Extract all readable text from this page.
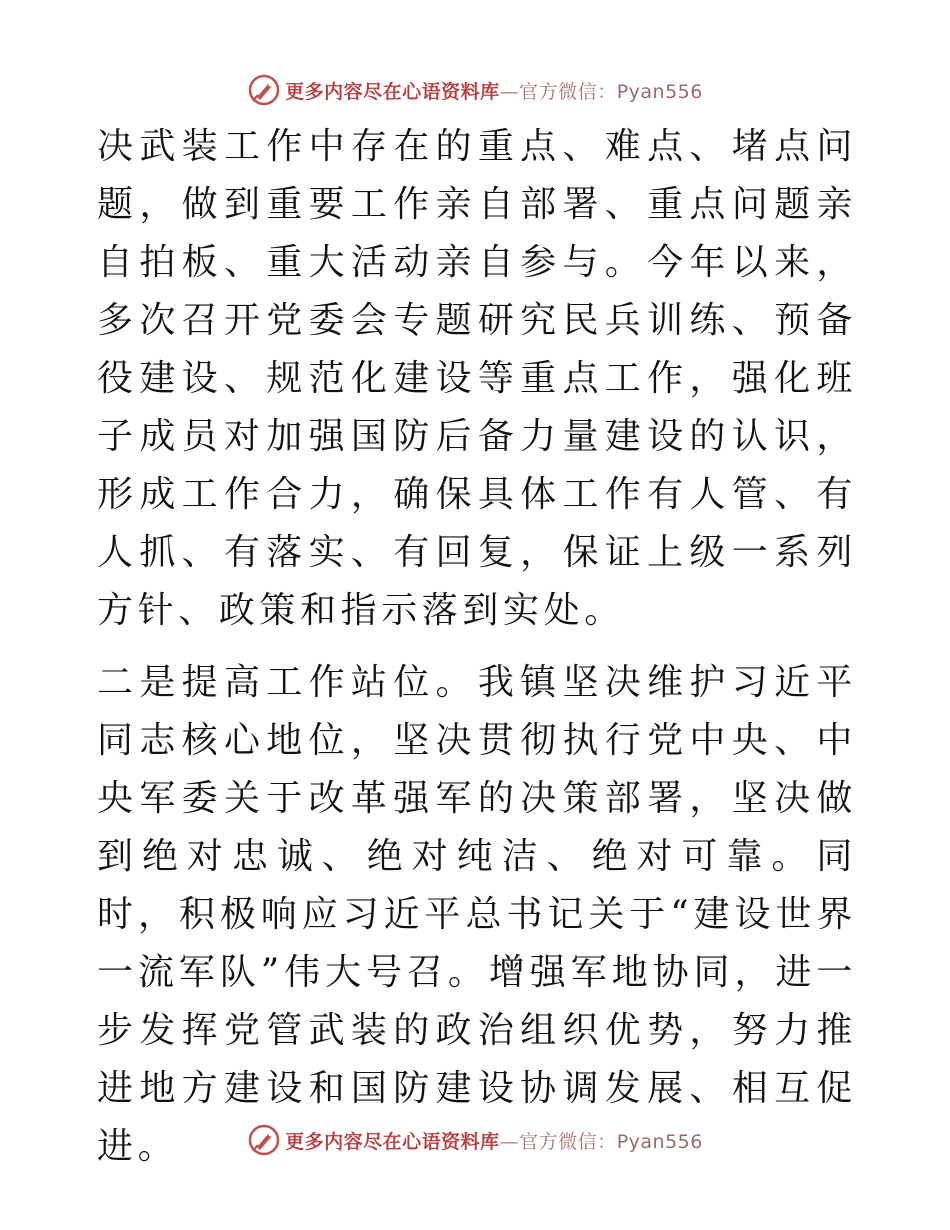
更多内容尽在心语资料库—官方微信：Pyan556

决武装工作中存在的重点、难点、堵点问题，做到重要工作亲自部署、重点问题亲自拍板、重大活动亲自参与。今年以来，多次召开党委会专题研究民兵训练、预备役建设、规范化建设等重点工作，强化班子成员对加强国防后备力量建设的认识，形成工作合力，确保具体工作有人管、有人抓、有落实、有回复，保证上级一系列方针、政策和指示落到实处。

二是提高工作站位。我镇坚决维护习近平同志核心地位，坚决贯彻执行党中央、中央军委关于改革强军的决策部署，坚决做到绝对忠诚、绝对纯洁、绝对可靠。同时，积极响应习近平总书记关于“建设世界一流军队”伟大号召。增强军地协同，进一步发挥党管武装的政治组织优势，努力推进地方建设和国防建设协调发展、相互促进。	更多内容尽在心语资料库—官方微信：Pyan556
